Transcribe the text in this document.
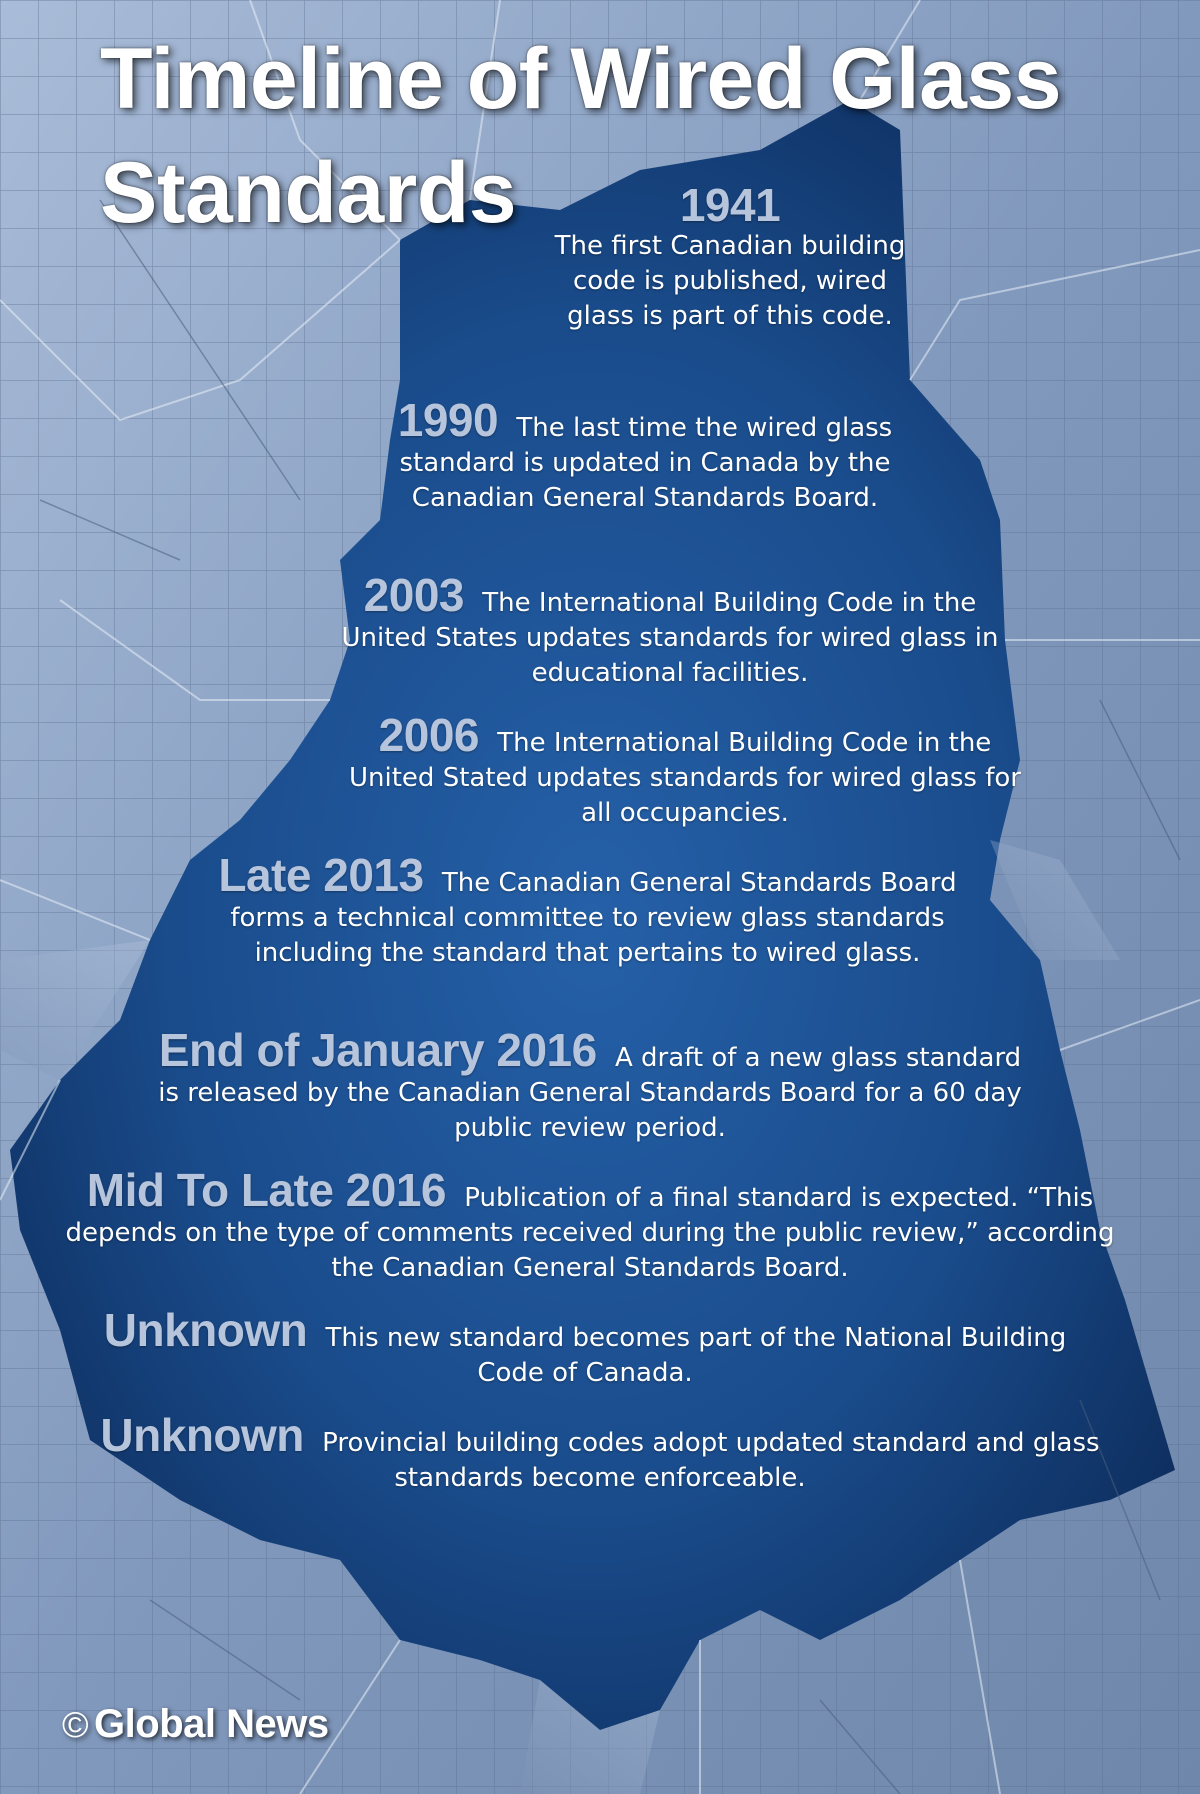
Timeline of Wired Glass Standards	1941
The first Canadian building code is published, wired glass is part of this code.

1990 The last time the wired glass standard is updated in Canada by the Canadian General Standards Board.

2003 The International Building Code in the United States updates standards for wired glass in educational facilities.

2006 The International Building Code in the United Stated updates standards for wired glass for all occupancies.

Late 2013 The Canadian General Standards Board forms a technical committee to review glass standards including the standard that pertains to wired glass.

End of January 2016 A draft of a new glass standard is released by the Canadian General Standards Board for a 60 day public review period.

Mid To Late 2016 Publication of a final standard is expected. “This depends on the type of comments received during the public review,” according the Canadian General Standards Board.

Unknown This new standard becomes part of the National Building Code of Canada.

Unknown Provincial building codes adopt updated standard and glass standards become enforceable.

© Global News
